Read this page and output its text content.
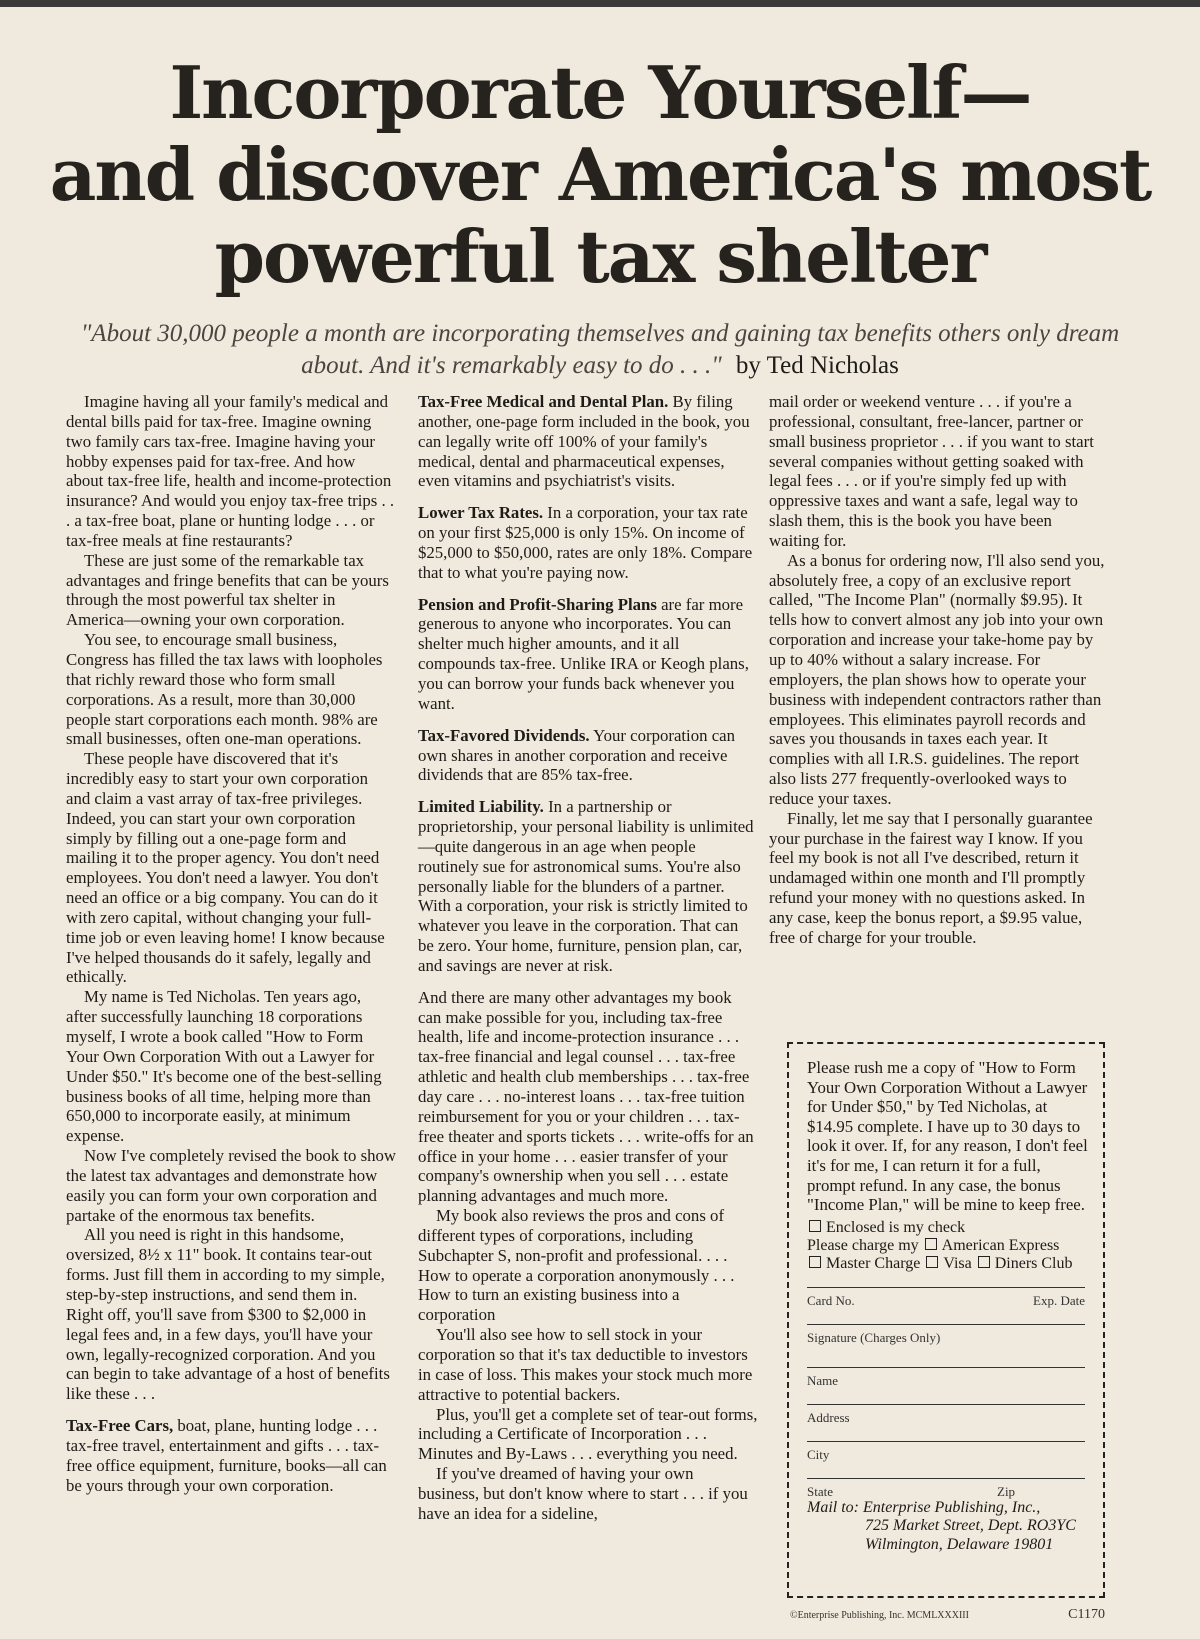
Incorporate Yourself—
and discover America's most
powerful tax shelter

"About 30,000 people a month are incorporating themselves and gaining tax benefits others only dream
about. And it's remarkably easy to do . . ." by Ted Nicholas

Imagine having all your family's medical and dental bills paid for tax-free. Imagine owning two family cars tax-free. Imagine having your hobby expenses paid for tax-free. And how about tax-free life, health and income-protection insurance? And would you enjoy tax-free trips . . . a tax-free boat, plane or hunting lodge . . . or tax-free meals at fine restaurants?

These are just some of the remarkable tax advantages and fringe benefits that can be yours through the most powerful tax shelter in America—owning your own corporation.

You see, to encourage small business, Congress has filled the tax laws with loopholes that richly reward those who form small corporations. As a result, more than 30,000 people start corporations each month. 98% are small businesses, often one-man operations.

These people have discovered that it's incredibly easy to start your own corporation and claim a vast array of tax-free privileges. Indeed, you can start your own corporation simply by filling out a one-page form and mailing it to the proper agency. You don't need employees. You don't need a lawyer. You don't need an office or a big company. You can do it with zero capital, without changing your full-time job or even leaving home! I know because I've helped thousands do it safely, legally and ethically.

My name is Ted Nicholas. Ten years ago, after successfully launching 18 corporations myself, I wrote a book called "How to Form Your Own Corporation With out a Lawyer for Under $50." It's become one of the best-selling business books of all time, helping more than 650,000 to incorporate easily, at minimum expense.

Now I've completely revised the book to show the latest tax advantages and demonstrate how easily you can form your own corporation and partake of the enormous tax benefits.

All you need is right in this handsome, oversized, 8½ x 11" book. It contains tear-out forms. Just fill them in according to my simple, step-by-step instructions, and send them in. Right off, you'll save from $300 to $2,000 in legal fees and, in a few days, you'll have your own, legally-recognized corporation. And you can begin to take advantage of a host of benefits like these . . .

Tax-Free Cars, boat, plane, hunting lodge . . . tax-free travel, entertainment and gifts . . . tax-free office equipment, furniture, books—all can be yours through your own corporation.

Tax-Free Medical and Dental Plan. By filing another, one-page form included in the book, you can legally write off 100% of your family's medical, dental and pharmaceutical expenses, even vitamins and psychiatrist's visits.

Lower Tax Rates. In a corporation, your tax rate on your first $25,000 is only 15%. On income of $25,000 to $50,000, rates are only 18%. Compare that to what you're paying now.

Pension and Profit-Sharing Plans are far more generous to anyone who incorporates. You can shelter much higher amounts, and it all compounds tax-free. Unlike IRA or Keogh plans, you can borrow your funds back whenever you want.

Tax-Favored Dividends. Your corporation can own shares in another corporation and receive dividends that are 85% tax-free.

Limited Liability. In a partnership or proprietorship, your personal liability is unlimited—quite dangerous in an age when people routinely sue for astronomical sums. You're also personally liable for the blunders of a partner. With a corporation, your risk is strictly limited to whatever you leave in the corporation. That can be zero. Your home, furniture, pension plan, car, and savings are never at risk.

And there are many other advantages my book can make possible for you, including tax-free health, life and income-protection insurance . . . tax-free financial and legal counsel . . . tax-free athletic and health club memberships . . . tax-free day care . . . no-interest loans . . . tax-free tuition reimbursement for you or your children . . . tax-free theater and sports tickets . . . write-offs for an office in your home . . . easier transfer of your company's ownership when you sell . . . estate planning advantages and much more.

My book also reviews the pros and cons of different types of corporations, including Subchapter S, non-profit and professional. . . . How to operate a corporation anonymously . . . How to turn an existing business into a corporation

You'll also see how to sell stock in your corporation so that it's tax deductible to investors in case of loss. This makes your stock much more attractive to potential backers.

Plus, you'll get a complete set of tear-out forms, including a Certificate of Incorporation . . . Minutes and By-Laws . . . everything you need.

If you've dreamed of having your own business, but don't know where to start . . . if you have an idea for a sideline,

mail order or weekend venture . . . if you're a professional, consultant, free-lancer, partner or small business proprietor . . . if you want to start several companies without getting soaked with legal fees . . . or if you're simply fed up with oppressive taxes and want a safe, legal way to slash them, this is the book you have been waiting for.

As a bonus for ordering now, I'll also send you, absolutely free, a copy of an exclusive report called, "The Income Plan" (normally $9.95). It tells how to convert almost any job into your own corporation and increase your take-home pay by up to 40% without a salary increase. For employers, the plan shows how to operate your business with independent contractors rather than employees. This eliminates payroll records and saves you thousands in taxes each year. It complies with all I.R.S. guidelines. The report also lists 277 frequently-overlooked ways to reduce your taxes.

Finally, let me say that I personally guarantee your purchase in the fairest way I know. If you feel my book is not all I've described, return it undamaged within one month and I'll promptly refund your money with no questions asked. In any case, keep the bonus report, a $9.95 value, free of charge for your trouble.

Please rush me a copy of "How to Form Your Own Corporation Without a Lawyer for Under $50," by Ted Nicholas, at $14.95 complete. I have up to 30 days to look it over. If, for any reason, I don't feel it's for me, I can return it for a full, prompt refund. In any case, the bonus "Income Plan," will be mine to keep free.

Enclosed is my check

Please charge my American Express

Master Charge Visa Diners Club

Card No.	Exp. Date
Signature (Charges Only)
Name
Address
City
State	Zip
Mail to: Enterprise Publishing, Inc.,
725 Market Street, Dept. RO3YC
Wilmington, Delaware 19801
©Enterprise Publishing, Inc. MCMLXXXIII	C1170
